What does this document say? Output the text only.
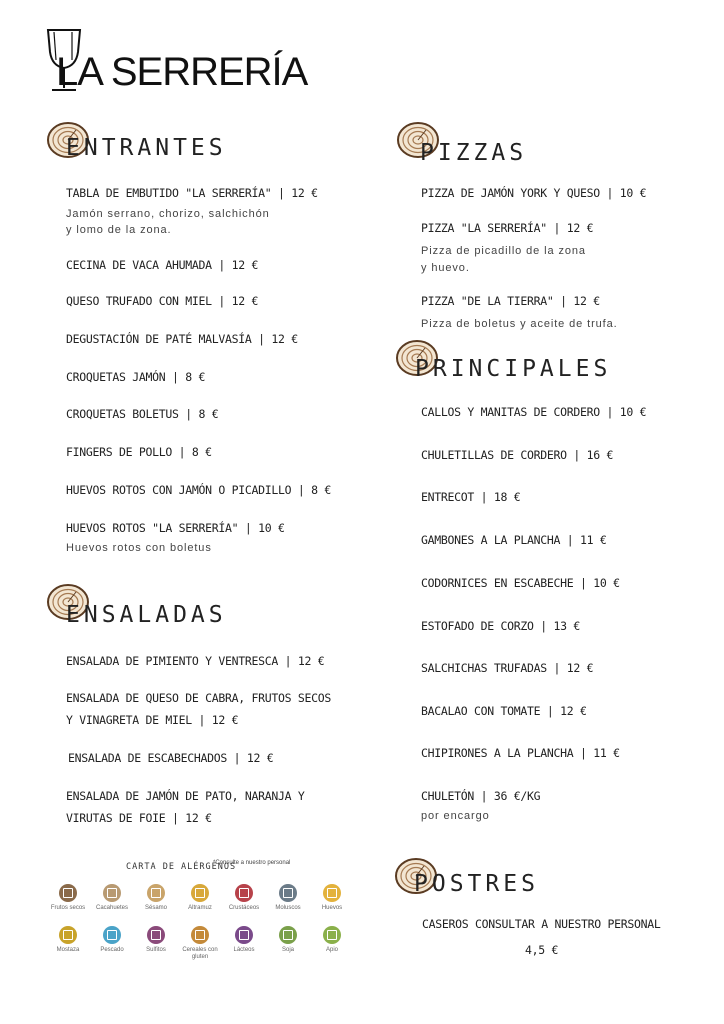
LA SERRERÍA
ENTRANTES
TABLA DE EMBUTIDO "LA SERRERÍA" | 12 €
Jamón serrano, chorizo, salchichón
y lomo de la zona.
CECINA DE VACA AHUMADA | 12 €
QUESO TRUFADO CON MIEL | 12 €
DEGUSTACIÓN DE PATÉ MALVASÍA | 12 €
CROQUETAS JAMÓN | 8 €
CROQUETAS BOLETUS | 8 €
FINGERS DE POLLO | 8 €
HUEVOS ROTOS CON JAMÓN O PICADILLO | 8 €
HUEVOS ROTOS "LA SERRERÍA" | 10 €
Huevos rotos con boletus
ENSALADAS
ENSALADA DE PIMIENTO Y VENTRESCA | 12 €
ENSALADA DE QUESO DE CABRA, FRUTOS SECOS
Y VINAGRETA DE MIEL | 12 €
ENSALADA DE ESCABECHADOS | 12 €
ENSALADA DE JAMÓN DE PATO, NARANJA Y
VIRUTAS DE FOIE | 12 €
PIZZAS
PIZZA DE JAMÓN YORK Y QUESO | 10 €
PIZZA "LA SERRERÍA" | 12 €
Pizza de picadillo de la zona
y huevo.
PIZZA "DE LA TIERRA" | 12 €
Pizza de boletus y aceite de trufa.
PRINCIPALES
CALLOS Y MANITAS DE CORDERO | 10 €
CHULETILLAS DE CORDERO | 16 €
ENTRECOT | 18 €
GAMBONES A LA PLANCHA | 11 €
CODORNICES EN ESCABECHE | 10 €
ESTOFADO DE CORZO | 13 €
SALCHICHAS TRUFADAS | 12 €
BACALAO CON TOMATE | 12 €
CHIPIRONES A LA PLANCHA | 11 €
CHULETÓN | 36 €/KG
por encargo
POSTRES
CASEROS CONSULTAR A NUESTRO PERSONAL
4,5 €
CARTA DE ALÉRGENOS
*Consulte a nuestro personal
Frutos secos	Cacahuetes	Sésamo	Altramuz	Crustáceos	Moluscos	Huevos
Mostaza	Pescado	Sulfitos	Cereales con gluten
Lácteos	Soja	Apio
